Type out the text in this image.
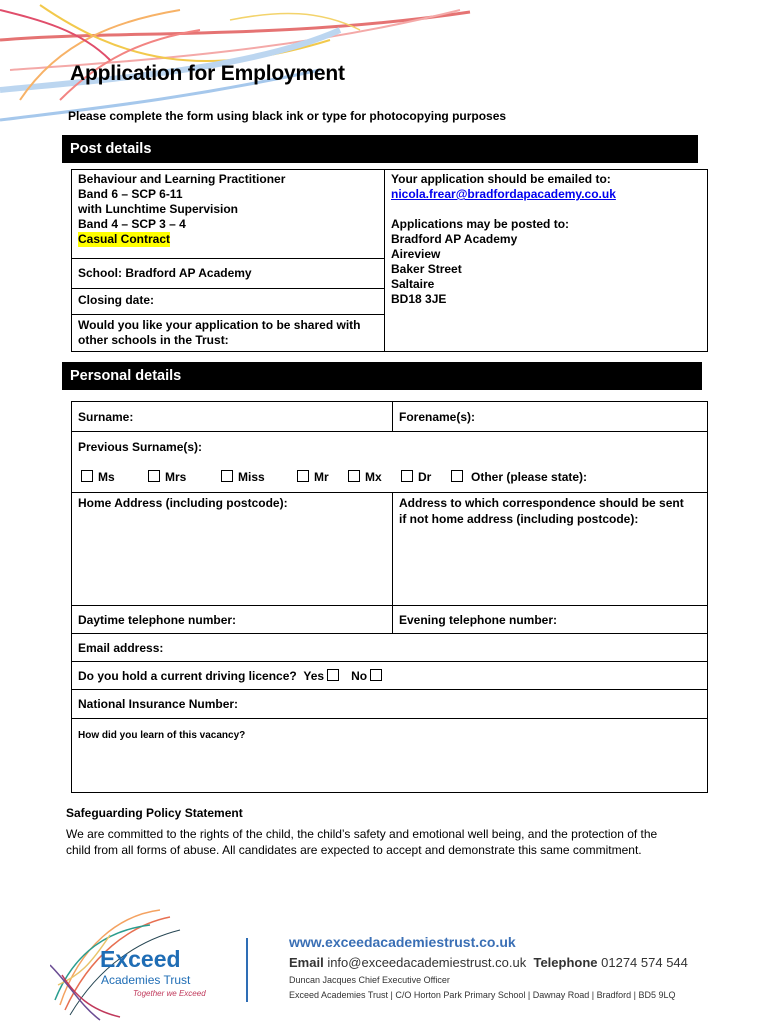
Application for Employment
Please complete the form using black ink or type for photocopying purposes
Post details
Behaviour and Learning Practitioner
Band 6 – SCP 6-11
with Lunchtime Supervision
Band 4 – SCP 3 – 4
Casual Contract
School: Bradford AP Academy
Closing date:
Would you like your application to be shared with
other schools in the Trust:
Your application should be emailed to:
nicola.frear@bradfordapacademy.co.uk
Applications may be posted to:
Bradford AP Academy
Aireview
Baker Street
Saltaire
BD18 3JE
Personal details
Surname:	Forename(s):
Previous Surname(s):
Ms	Mrs	Miss	Mr	Mx	Dr	Other (please state):
Home Address (including postcode):	Address to which correspondence should be sent
if not home address (including postcode):
Daytime telephone number:	Evening telephone number:
Email address:
Do you hold a current driving licence? Yes No
National Insurance Number:
How did you learn of this vacancy?
Safeguarding Policy Statement
We are committed to the rights of the child, the child’s safety and emotional well being, and the protection of the
child from all forms of abuse. All candidates are expected to accept and demonstrate this same commitment.
Exceed
Academies Trust
Together we Exceed
www.exceedacademiestrust.co.uk
Email info@exceedacademiestrust.co.uk Telephone 01274 574 544
Duncan Jacques Chief Executive Officer
Exceed Academies Trust | C/O Horton Park Primary School | Dawnay Road | Bradford | BD5 9LQ
